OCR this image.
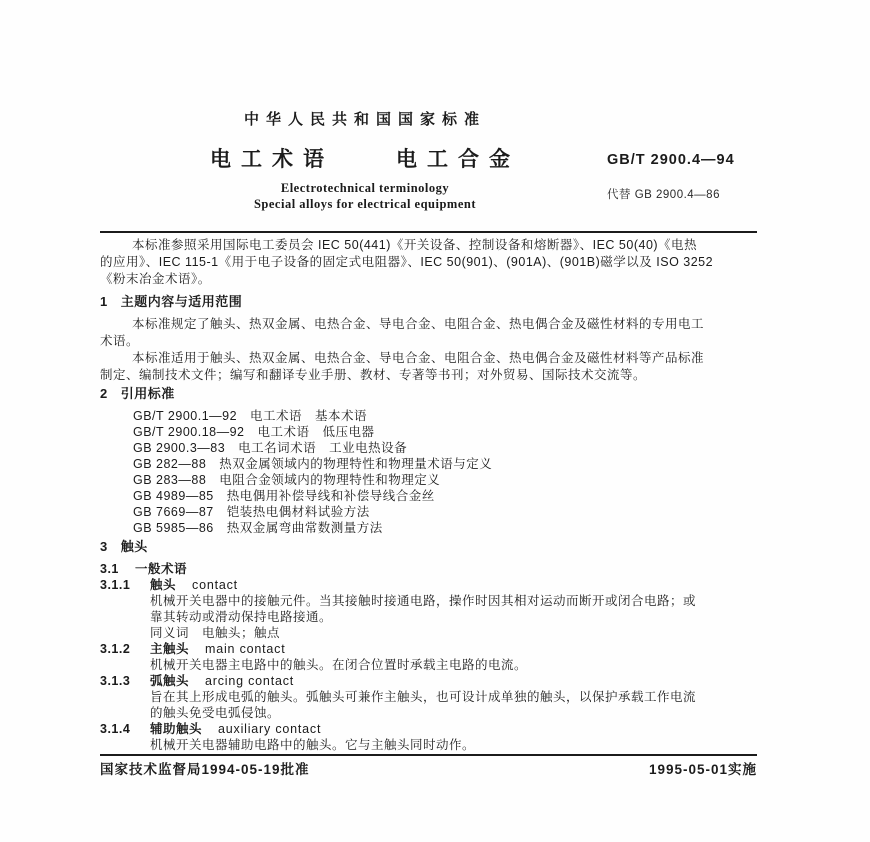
中华人民共和国国家标准
电工术语　　电工合金
Electrotechnical terminology
Special alloys for electrical equipment
GB/T 2900.4—94
代替 GB 2900.4—86
本标准参照采用国际电工委员会 IEC 50(441)《开关设备、控制设备和熔断器》、IEC 50(40)《电热
的应用》、IEC 115-1《用于电子设备的固定式电阻器》、IEC 50(901)、(901A)、(901B)磁学以及 ISO 3252
《粉末冶金术语》。
1 主题内容与适用范围
本标准规定了触头、热双金属、电热合金、导电合金、电阻合金、热电偶合金及磁性材料的专用电工
术语。
本标准适用于触头、热双金属、电热合金、导电合金、电阻合金、热电偶合金及磁性材料等产品标准
制定、编制技术文件；编写和翻译专业手册、教材、专著等书刊；对外贸易、国际技术交流等。
2 引用标准
GB/T 2900.1—92　电工术语　基本术语
GB/T 2900.18—92　电工术语　低压电器
GB 2900.3—83　电工名词术语　工业电热设备
GB 282—88　热双金属领域内的物理特性和物理量术语与定义
GB 283—88　电阻合金领域内的物理特性和物理定义
GB 4989—85　热电偶用补偿导线和补偿导线合金丝
GB 7669—87　铠装热电偶材料试验方法
GB 5985—86　热双金属弯曲常数测量方法
3 触头
3.1	一般术语
3.1.1	触头 contact
机械开关电器中的接触元件。当其接触时接通电路，操作时因其相对运动而断开或闭合电路；或
靠其转动或滑动保持电路接通。
同义词　电触头；触点
3.1.2	主触头 main contact
机械开关电器主电路中的触头。在闭合位置时承载主电路的电流。
3.1.3	弧触头 arcing contact
旨在其上形成电弧的触头。弧触头可兼作主触头，也可设计成单独的触头，以保护承载工作电流
的触头免受电弧侵蚀。
3.1.4	辅助触头 auxiliary contact
机械开关电器辅助电路中的触头。它与主触头同时动作。
国家技术监督局1994-05-19批准	1995-05-01实施
